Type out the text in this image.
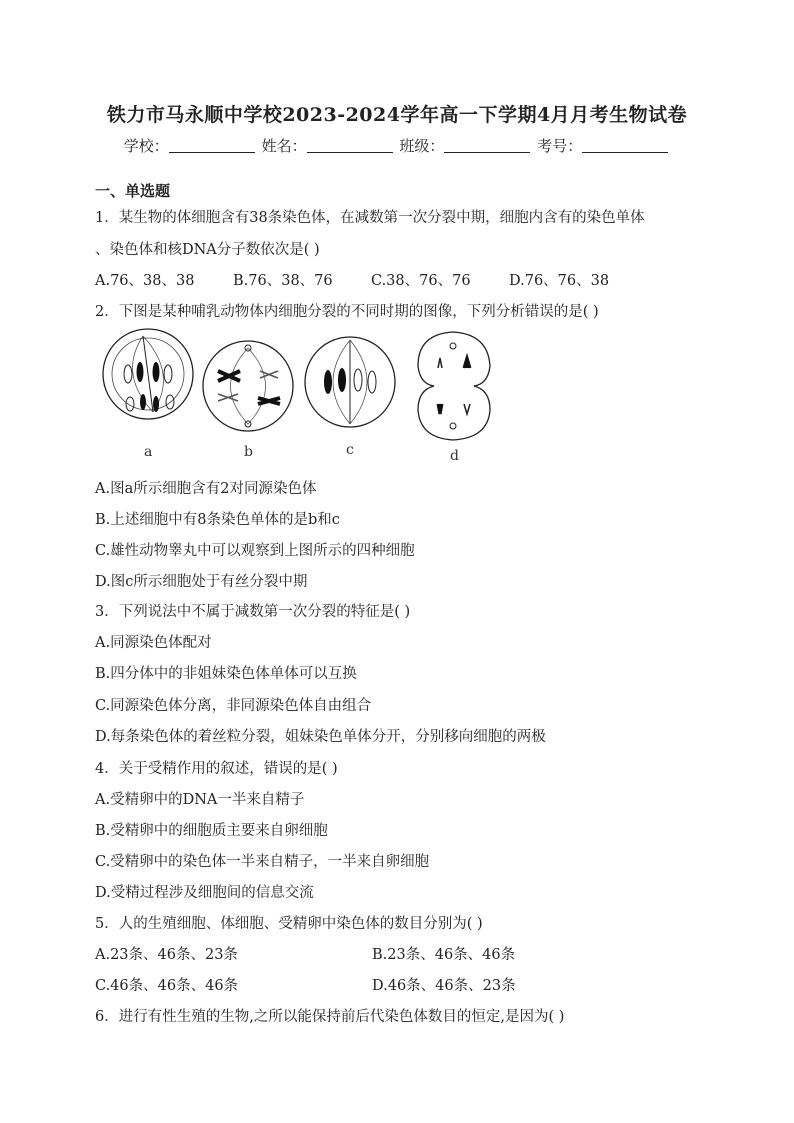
铁力市马永顺中学校2023-2024学年高一下学期4月月考生物试卷
学校：	姓名：	班级：	考号：
一、单选题
1．某生物的体细胞含有38条染色体，在减数第一次分裂中期，细胞内含有的染色单体
、染色体和核DNA分子数依次是( )
A.76、38、38	B.76、38、76	C.38、76、76	D.76、76、38
2．下图是某种哺乳动物体内细胞分裂的不同时期的图像，下列分析错误的是( )
a	b	c	d
A.图a所示细胞含有2对同源染色体
B.上述细胞中有8条染色单体的是b和c
C.雄性动物睾丸中可以观察到上图所示的四种细胞
D.图c所示细胞处于有丝分裂中期
3．下列说法中不属于减数第一次分裂的特征是( )
A.同源染色体配对
B.四分体中的非姐妹染色体单体可以互换
C.同源染色体分离，非同源染色体自由组合
D.每条染色体的着丝粒分裂，姐妹染色单体分开，分别移向细胞的两极
4．关于受精作用的叙述，错误的是( )
A.受精卵中的DNA一半来自精子
B.受精卵中的细胞质主要来自卵细胞
C.受精卵中的染色体一半来自精子，一半来自卵细胞
D.受精过程涉及细胞间的信息交流
5．人的生殖细胞、体细胞、受精卵中染色体的数目分别为( )
A.23条、46条、23条	B.23条、46条、46条
C.46条、46条、46条	D.46条、46条、23条
6．进行有性生殖的生物,之所以能保持前后代染色体数目的恒定,是因为( )
